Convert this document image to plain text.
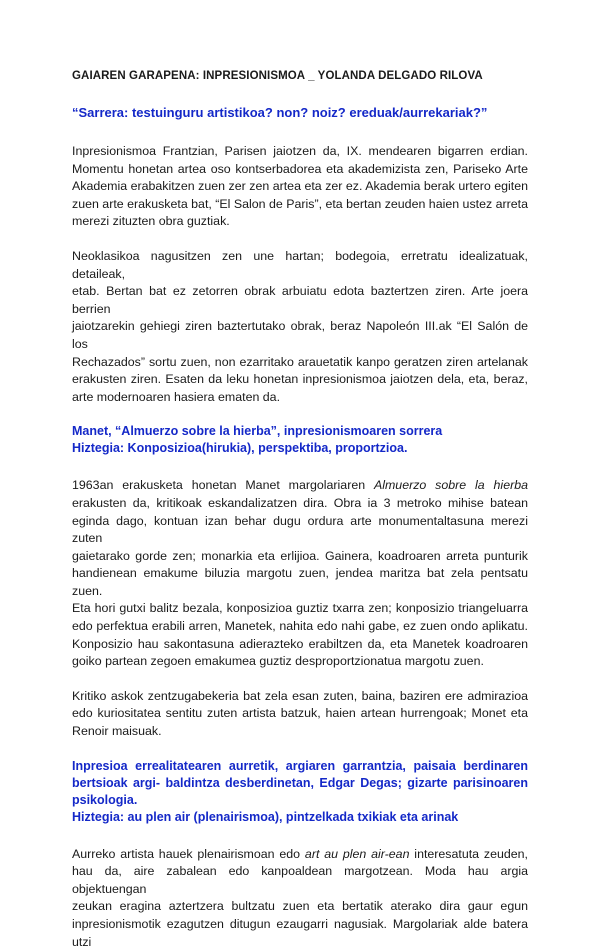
GAIAREN GARAPENA: INPRESIONISMOA _ YOLANDA DELGADO RILOVA
“Sarrera: testuinguru artistikoa? non? noiz? ereduak/aurrekariak?”

Inpresionismoa Frantzian, Parisen jaiotzen da, IX. mendearen bigarren erdian.
Momentu honetan artea oso kontserbadorea eta akademizista zen, Pariseko Arte
Akademia erabakitzen zuen zer zen artea eta zer ez. Akademia berak urtero egiten
zuen arte erakusketa bat, “El Salon de Paris”, eta bertan zeuden haien ustez arreta
merezi zituzten obra guztiak.

Neoklasikoa nagusitzen zen une hartan; bodegoia, erretratu idealizatuak, detaileak,
etab. Bertan bat ez zetorren obrak arbuiatu edota baztertzen ziren. Arte joera berrien
jaiotzarekin gehiegi ziren baztertutako obrak, beraz Napoleón III.ak “El Salón de los
Rechazados” sortu zuen, non ezarritako arauetatik kanpo geratzen ziren artelanak
erakusten ziren. Esaten da leku honetan inpresionismoa jaiotzen dela, eta, beraz,
arte modernoaren hasiera ematen da.

Manet, “Almuerzo sobre la hierba”, inpresionismoaren sorrera
Hiztegia: Konposizioa(hirukia), perspektiba, proportzioa.

1963an erakusketa honetan Manet margolariaren Almuerzo sobre la hierba
erakusten da, kritikoak eskandalizatzen dira. Obra ia 3 metroko mihise batean
eginda dago, kontuan izan behar dugu ordura arte monumentaltasuna merezi zuten
gaietarako gorde zen; monarkia eta erlijioa. Gainera, koadroaren arreta punturik
handienean emakume biluzia margotu zuen, jendea maritza bat zela pentsatu zuen.
Eta hori gutxi balitz bezala, konposizioa guztiz txarra zen; konposizio triangeluarra
edo perfektua erabili arren, Manetek, nahita edo nahi gabe, ez zuen ondo aplikatu.
Konposizio hau sakontasuna adierazteko erabiltzen da, eta Manetek koadroaren
goiko partean zegoen emakumea guztiz desproportzionatua margotu zuen.

Kritiko askok zentzugabekeria bat zela esan zuten, baina, baziren ere admirazioa
edo kuriositatea sentitu zuten artista batzuk, haien artean hurrengoak; Monet eta
Renoir maisuak.

Inpresioa errealitatearen aurretik, argiaren garrantzia, paisaia berdinaren
bertsioak argi- baldintza desberdinetan, Edgar Degas; gizarte parisinoaren
psikologia.
Hiztegia: au plen air (plenairismoa), pintzelkada txikiak eta arinak

Aurreko artista hauek plenairismoan edo art au plen air-ean interesatuta zeuden,
hau da, aire zabalean edo kanpoaldean margotzean. Moda hau argia objektuengan
zeukan eragina aztertzera bultzatu zuen eta bertatik aterako dira gaur egun
inpresionismotik ezagutzen ditugun ezaugarri nagusiak. Margolariak alde batera utzi
